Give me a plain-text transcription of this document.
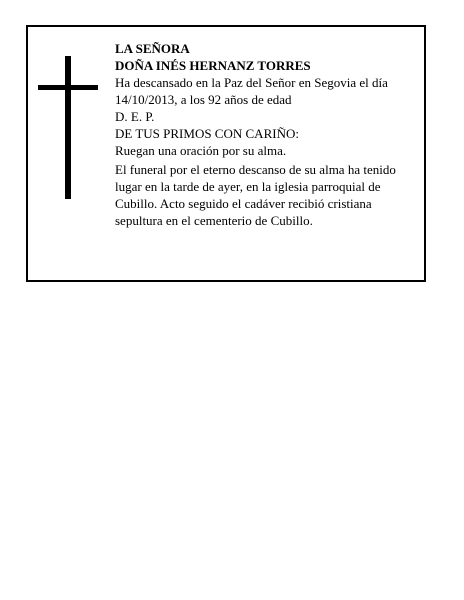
LA SEÑORA
DOÑA INÉS HERNANZ TORRES
Ha descansado en la Paz del Señor en Segovia el día
14/10/2013, a los 92 años de edad
D. E. P.
DE TUS PRIMOS CON CARIÑO:
Ruegan una oración por su alma.
El funeral por el eterno descanso de su alma ha tenido
lugar en la tarde de ayer, en la iglesia parroquial de
Cubillo. Acto seguido el cadáver recibió cristiana
sepultura en el cementerio de Cubillo.
